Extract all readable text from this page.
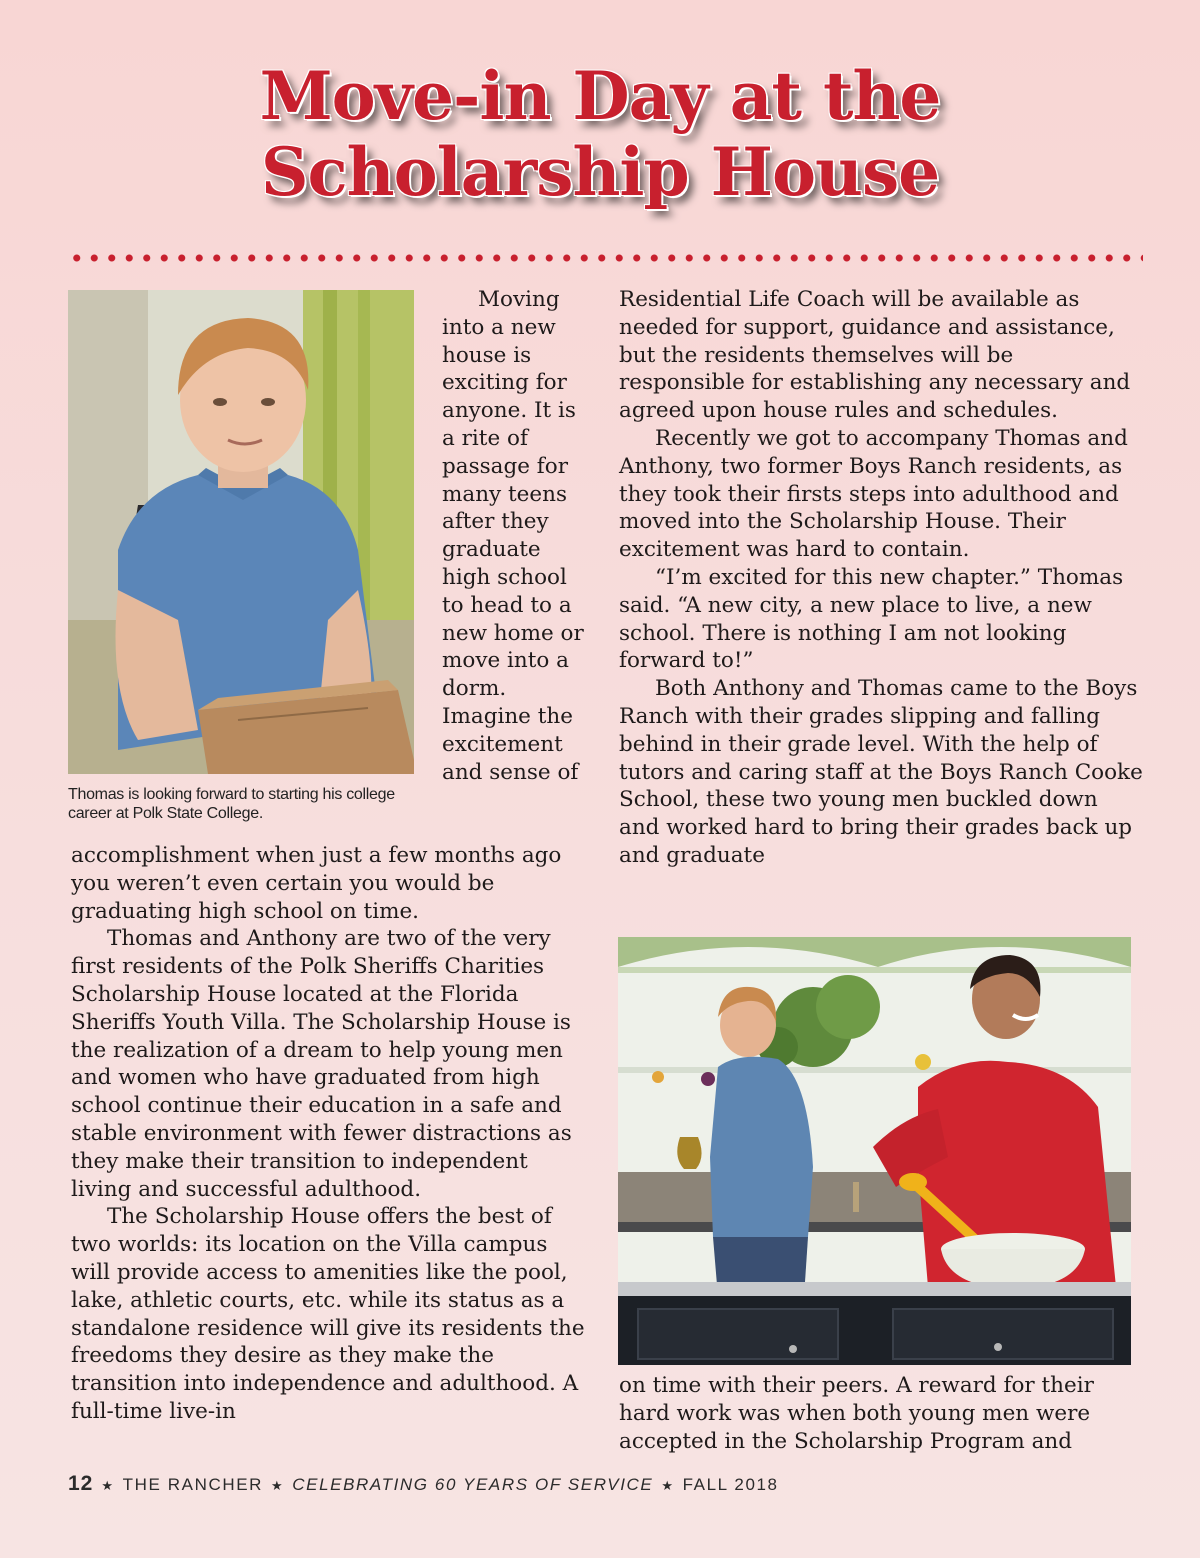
Move-in Day at the
Scholarship House

Thomas is looking forward to starting his college career at Polk State College.

Moving into a new house is exciting for anyone. It is a rite of passage for many teens after they graduate high school to head to a new home or move into a dorm. Imagine the excitement and sense of

accomplishment when just a few months ago you weren’t even certain you would be graduating high school on time.

Thomas and Anthony are two of the very first residents of the Polk Sheriffs Charities Scholarship House located at the Florida Sheriffs Youth Villa. The Scholarship House is the realization of a dream to help young men and women who have graduated from high school continue their education in a safe and stable environment with fewer distractions as they make their transition to independent living and successful adulthood.

The Scholarship House offers the best of two worlds: its location on the Villa campus will provide access to amenities like the pool, lake, athletic courts, etc. while its status as a standalone residence will give its residents the freedoms they desire as they make the transition into independence and adulthood. A full-time live-in

Residential Life Coach will be available as needed for support, guidance and assistance, but the residents themselves will be responsible for establishing any necessary and agreed upon house rules and schedules.

Recently we got to accompany Thomas and Anthony, two former Boys Ranch residents, as they took their firsts steps into adulthood and moved into the Scholarship House. Their excitement was hard to contain.

“I’m excited for this new chapter.” Thomas said. “A new city, a new place to live, a new school. There is nothing I am not looking forward to!”

Both Anthony and Thomas came to the Boys Ranch with their grades slipping and falling behind in their grade level. With the help of tutors and caring staff at the Boys Ranch Cooke School, these two young men buckled down and worked hard to bring their grades back up and graduate

on time with their peers. A reward for their hard work was when both young men were accepted in the Scholarship Program and

12 ★ THE RANCHER ★ CELEBRATING 60 YEARS OF SERVICE ★ FALL 2018
